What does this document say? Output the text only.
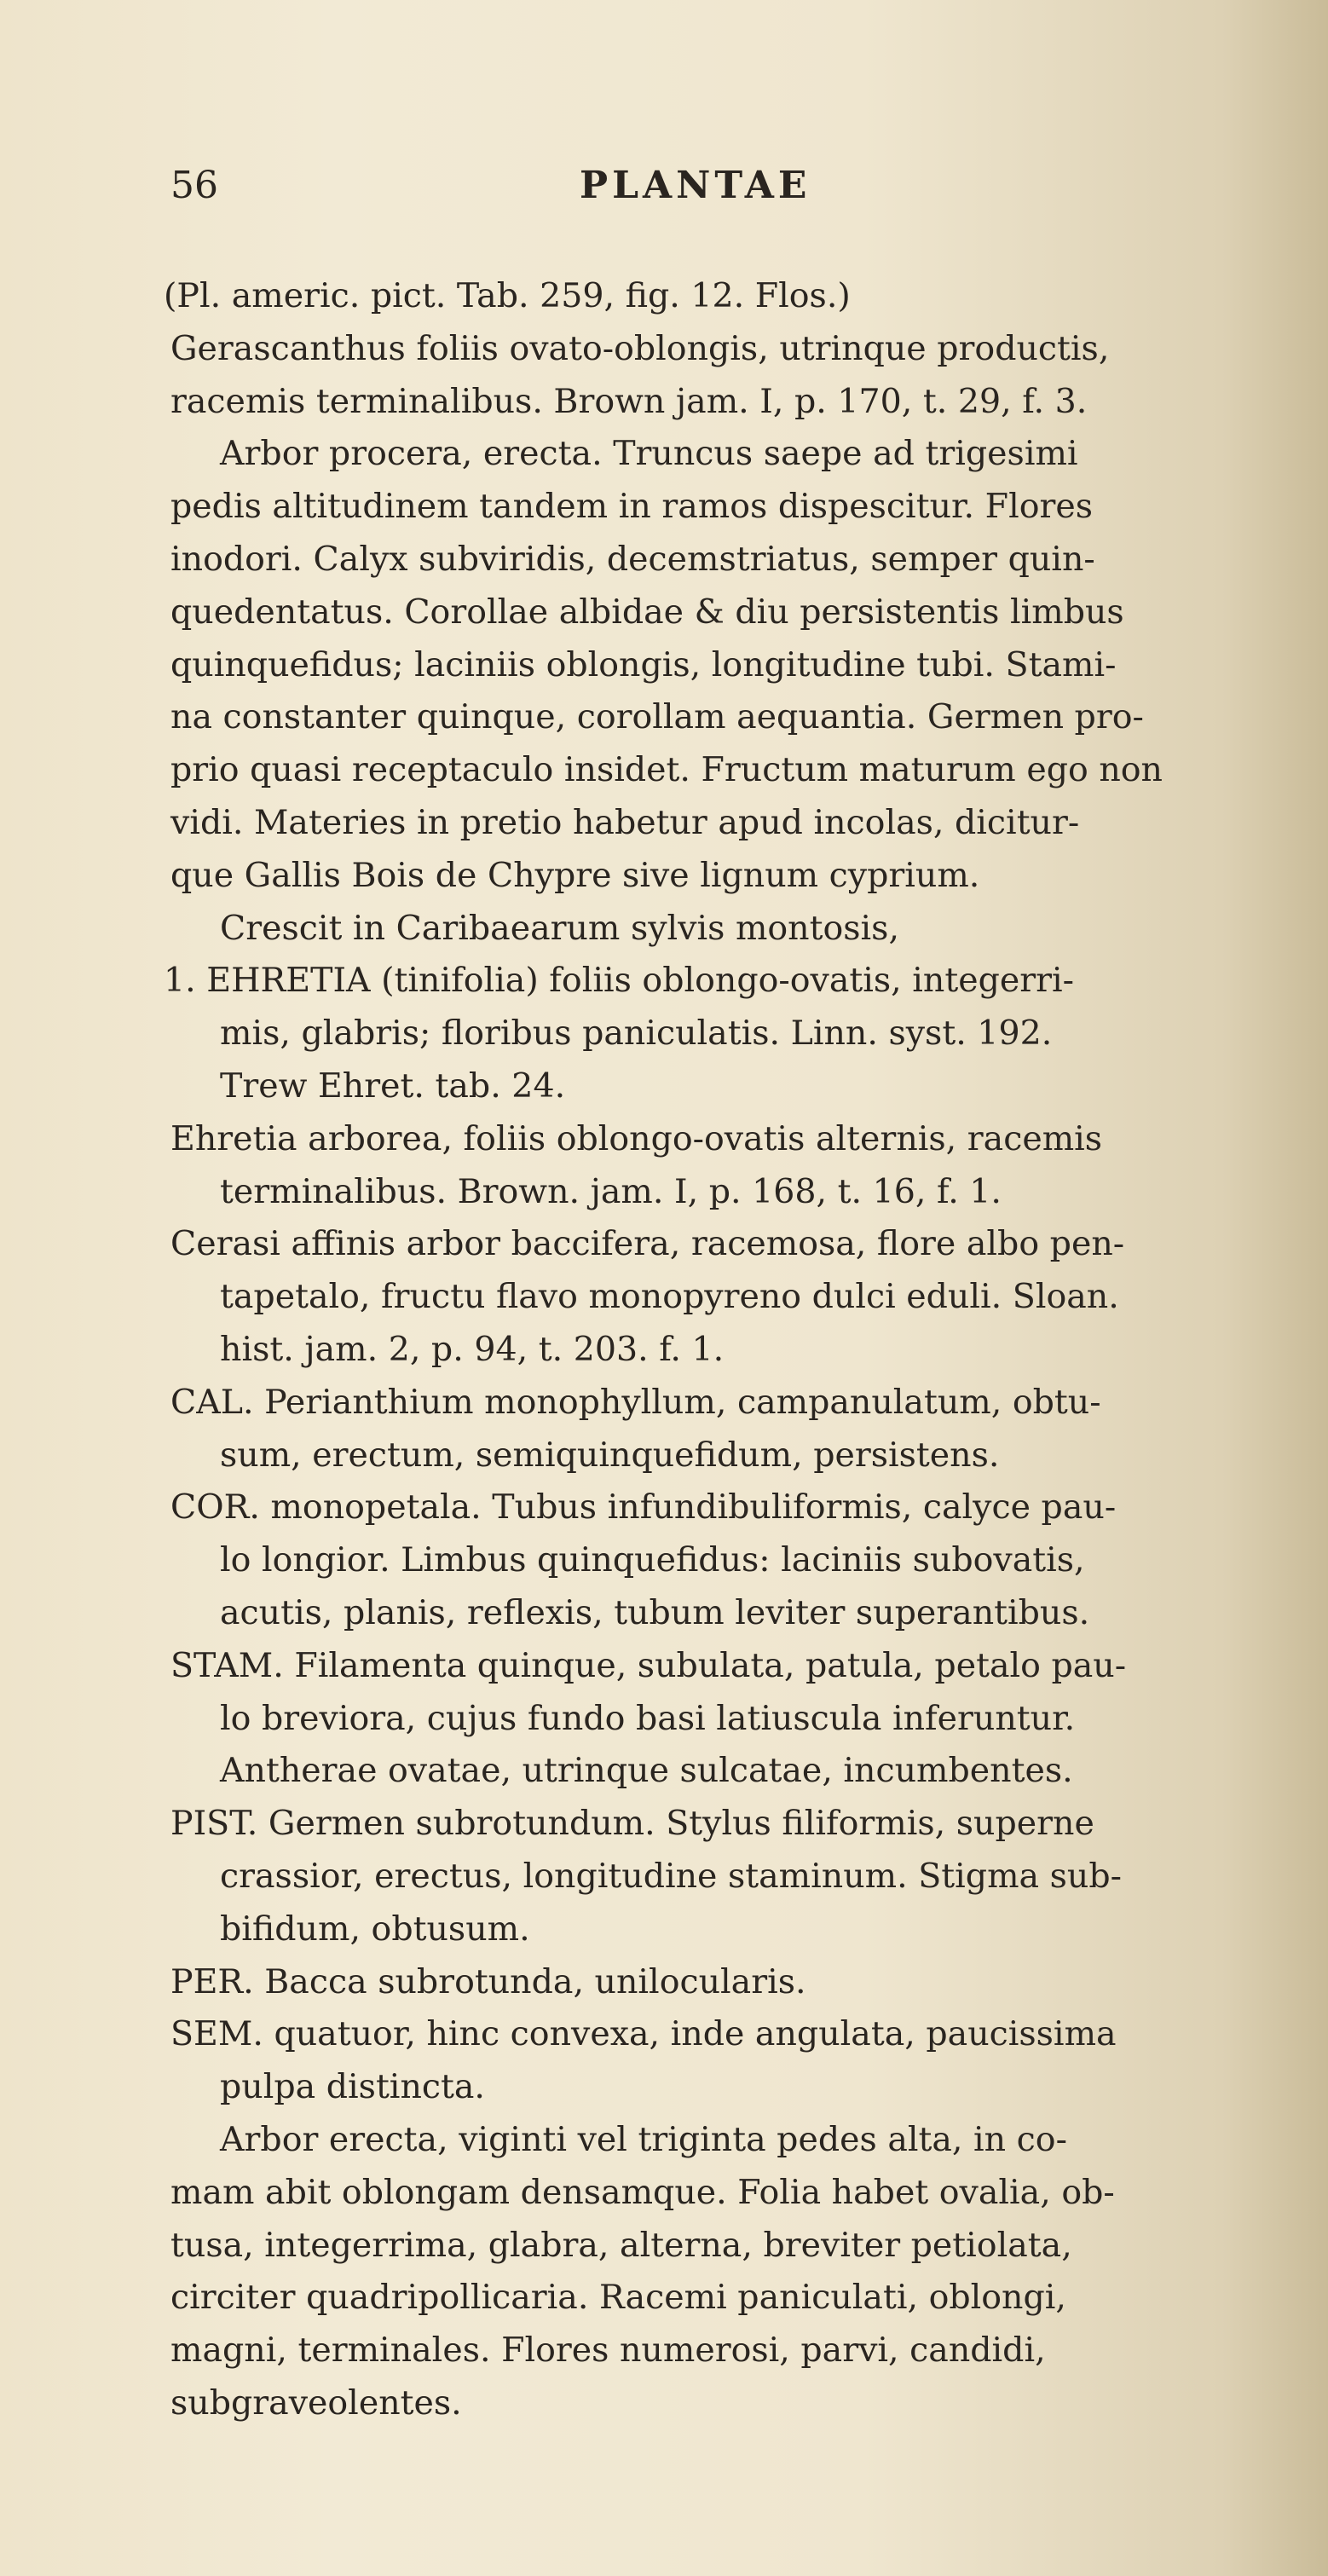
56	PLANTAE
(Pl. americ. pict. Tab. 259, fig. 12. Flos.)
Gerascanthus foliis ovato-oblongis, utrinque productis,
racemis terminalibus. Brown jam. I, p. 170, t. 29, f. 3.
Arbor procera, erecta. Truncus saepe ad trigesimi
pedis altitudinem tandem in ramos dispescitur. Flores
inodori. Calyx subviridis, decemstriatus, semper quin-
quedentatus. Corollae albidae & diu persistentis limbus
quinquefidus; laciniis oblongis, longitudine tubi. Stami-
na constanter quinque, corollam aequantia. Germen pro-
prio quasi receptaculo insidet. Fructum maturum ego non
vidi. Materies in pretio habetur apud incolas, dicitur-
que Gallis Bois de Chypre sive lignum cyprium.
Crescit in Caribaearum sylvis montosis,
1. EHRETIA (tinifolia) foliis oblongo-ovatis, integerri-
mis, glabris; floribus paniculatis. Linn. syst. 192.
Trew Ehret. tab. 24.
Ehretia arborea, foliis oblongo-ovatis alternis, racemis
terminalibus. Brown. jam. I, p. 168, t. 16, f. 1.
Cerasi affinis arbor baccifera, racemosa, flore albo pen-
tapetalo, fructu flavo monopyreno dulci eduli. Sloan.
hist. jam. 2, p. 94, t. 203. f. 1.
CAL. Perianthium monophyllum, campanulatum, obtu-
sum, erectum, semiquinquefidum, persistens.
COR. monopetala. Tubus infundibuliformis, calyce pau-
lo longior. Limbus quinquefidus: laciniis subovatis,
acutis, planis, reflexis, tubum leviter superantibus.
STAM. Filamenta quinque, subulata, patula, petalo pau-
lo breviora, cujus fundo basi latiuscula inferuntur.
Antherae ovatae, utrinque sulcatae, incumbentes.
PIST. Germen subrotundum. Stylus filiformis, superne
crassior, erectus, longitudine staminum. Stigma sub-
bifidum, obtusum.
PER. Bacca subrotunda, unilocularis.
SEM. quatuor, hinc convexa, inde angulata, paucissima
pulpa distincta.
Arbor erecta, viginti vel triginta pedes alta, in co-
mam abit oblongam densamque. Folia habet ovalia, ob-
tusa, integerrima, glabra, alterna, breviter petiolata,
circiter quadripollicaria. Racemi paniculati, oblongi,
magni, terminales. Flores numerosi, parvi, candidi,
subgraveolentes.
